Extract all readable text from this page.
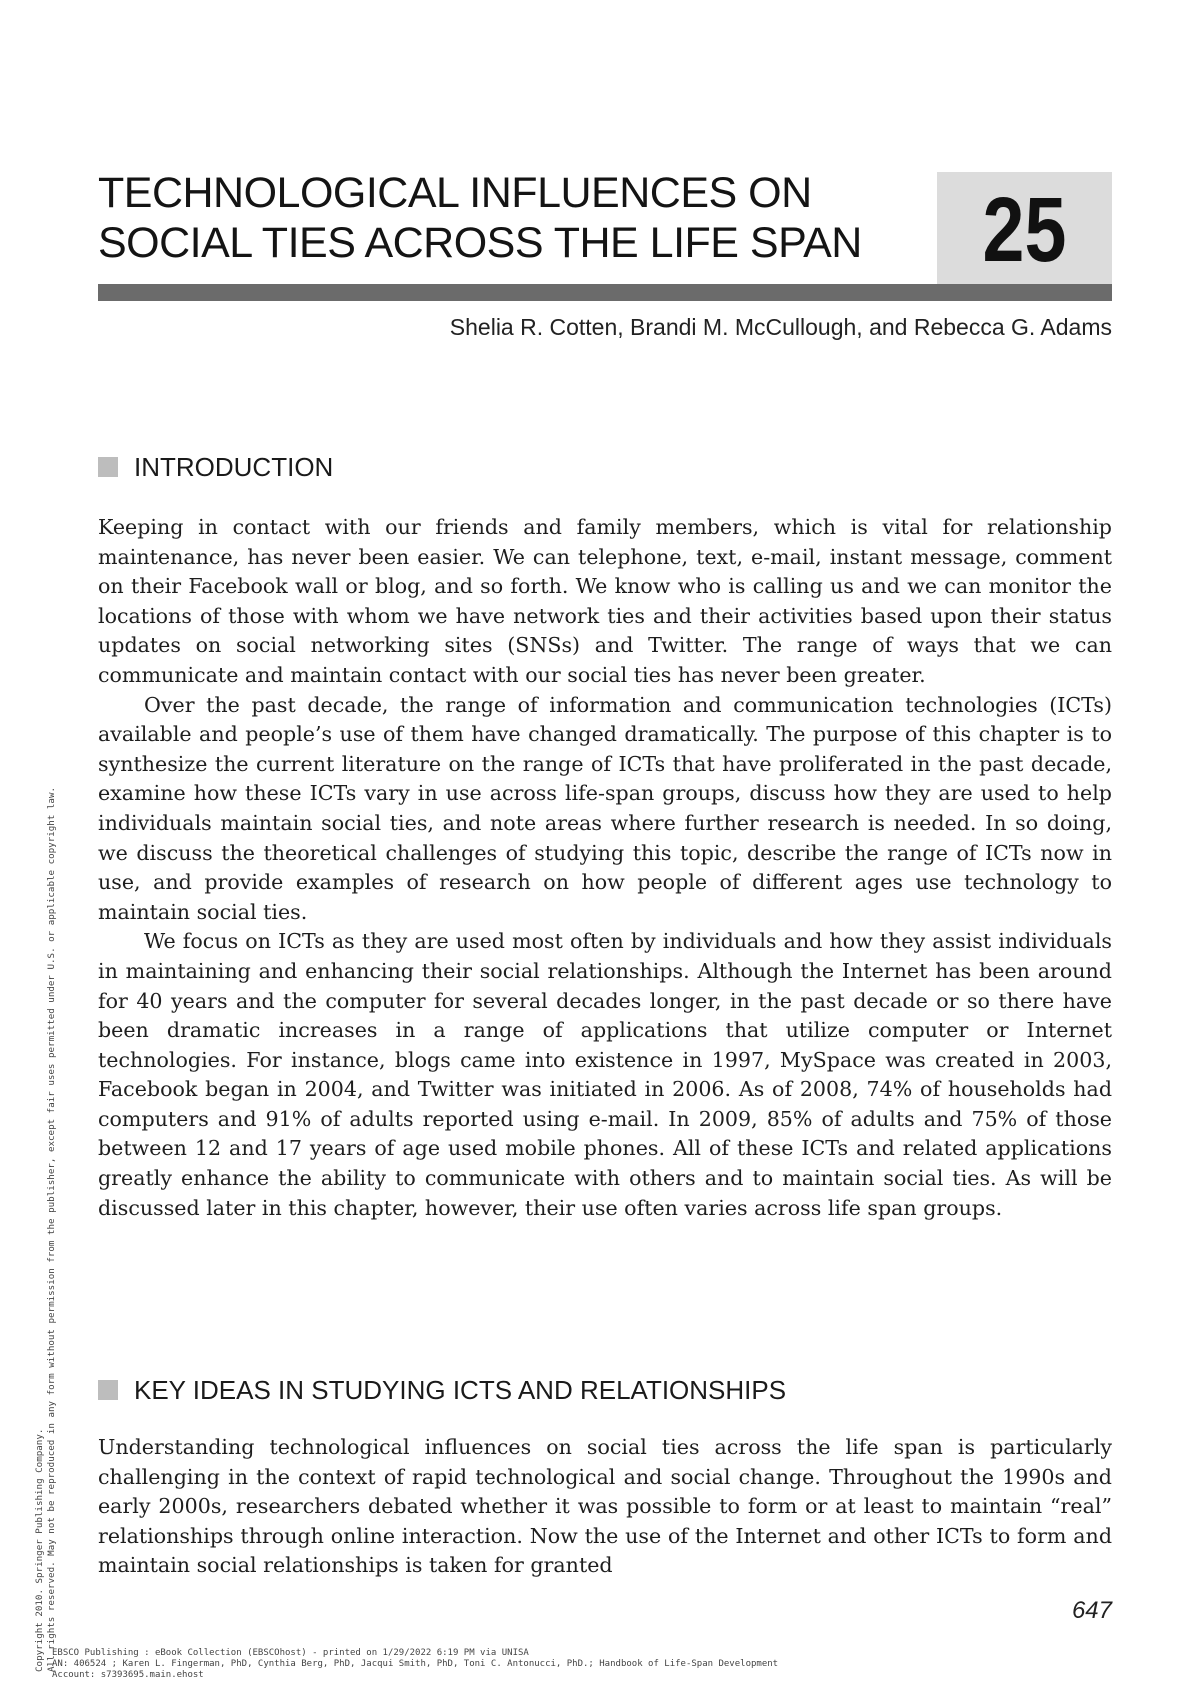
TECHNOLOGICAL INFLUENCES ON
SOCIAL TIES ACROSS THE LIFE SPAN	25
Shelia R. Cotten, Brandi M. McCullough, and Rebecca G. Adams
INTRODUCTION

Keeping in contact with our friends and family members, which is vital for relationship maintenance, has never been easier. We can telephone, text, e-mail, instant message, comment on their Facebook wall or blog, and so forth. We know who is calling us and we can monitor the locations of those with whom we have network ties and their activities based upon their status updates on social networking sites (SNSs) and Twitter. The range of ways that we can communicate and maintain contact with our social ties has never been greater.

Over the past decade, the range of information and communication technologies (ICTs) available and people’s use of them have changed dramatically. The purpose of this chapter is to synthesize the current literature on the range of ICTs that have proliferated in the past decade, examine how these ICTs vary in use across life-span groups, discuss how they are used to help individuals maintain social ties, and note areas where further research is needed. In so doing, we discuss the theoretical challenges of studying this topic, describe the range of ICTs now in use, and provide examples of research on how people of different ages use technology to maintain social ties.

We focus on ICTs as they are used most often by individuals and how they assist individuals in maintaining and enhancing their social relationships. Although the Internet has been around for 40 years and the computer for several decades longer, in the past decade or so there have been dramatic increases in a range of applications that utilize computer or Internet technologies. For instance, blogs came into existence in 1997, MySpace was created in 2003, Facebook began in 2004, and Twitter was initiated in 2006. As of 2008, 74% of households had computers and 91% of adults reported using e-mail. In 2009, 85% of adults and 75% of those between 12 and 17 years of age used mobile phones. All of these ICTs and related applications greatly enhance the ability to communicate with others and to maintain social ties. As will be discussed later in this chapter, however, their use often varies across life span groups.

KEY IDEAS IN STUDYING ICTS AND RELATIONSHIPS

Understanding technological influences on social ties across the life span is particularly challenging in the context of rapid technological and social change. Throughout the 1990s and early 2000s, researchers debated whether it was possible to form or at least to maintain “real” relationships through online interaction. Now the use of the Internet and other ICTs to form and maintain social relationships is taken for granted

647
Copyright 2010. Springer Publishing Company. All rights reserved. May not be reproduced in any form without permission from the publisher, except fair uses permitted under U.S. or applicable copyright law.
EBSCO Publishing : eBook Collection (EBSCOhost) - printed on 1/29/2022 6:19 PM via UNISA
AN: 406524 ; Karen L. Fingerman, PhD, Cynthia Berg, PhD, Jacqui Smith, PhD, Toni C. Antonucci, PhD.; Handbook of Life-Span Development
Account: s7393695.main.ehost
